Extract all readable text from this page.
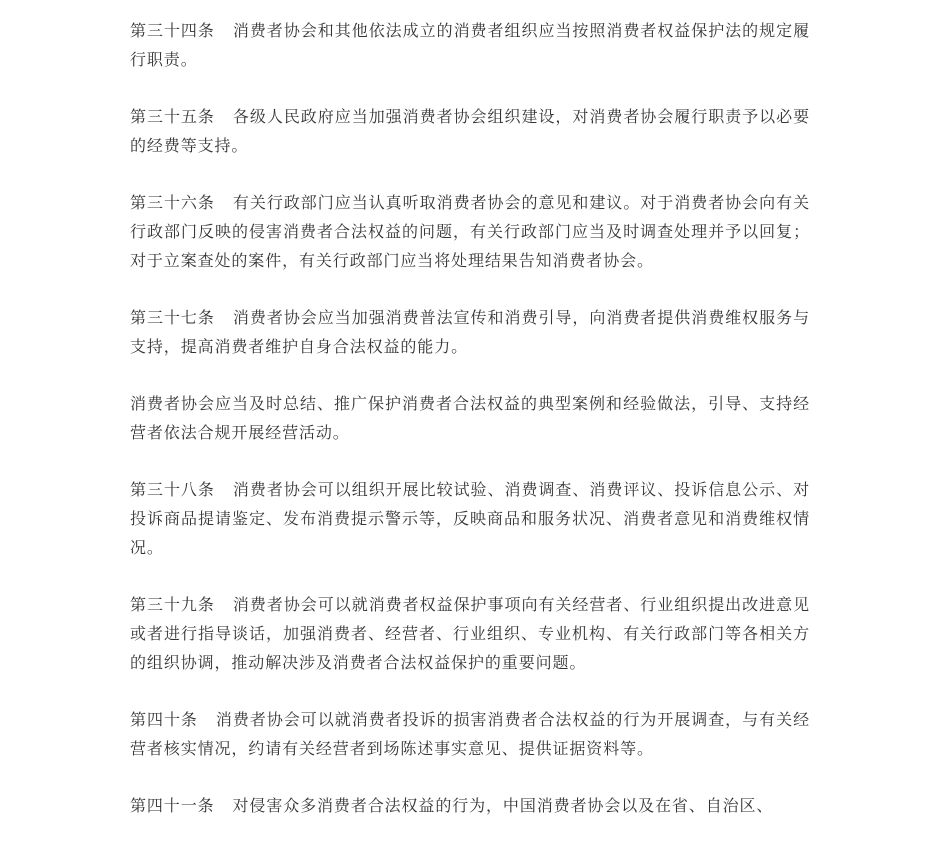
第三十四条 消费者协会和其他依法成立的消费者组织应当按照消费者权益保护法的规定履行职责。

第三十五条 各级人民政府应当加强消费者协会组织建设，对消费者协会履行职责予以必要的经费等支持。

第三十六条 有关行政部门应当认真听取消费者协会的意见和建议。对于消费者协会向有关行政部门反映的侵害消费者合法权益的问题，有关行政部门应当及时调查处理并予以回复；对于立案查处的案件，有关行政部门应当将处理结果告知消费者协会。

第三十七条 消费者协会应当加强消费普法宣传和消费引导，向消费者提供消费维权服务与支持，提高消费者维护自身合法权益的能力。

消费者协会应当及时总结、推广保护消费者合法权益的典型案例和经验做法，引导、支持经营者依法合规开展经营活动。

第三十八条 消费者协会可以组织开展比较试验、消费调查、消费评议、投诉信息公示、对投诉商品提请鉴定、发布消费提示警示等，反映商品和服务状况、消费者意见和消费维权情况。

第三十九条 消费者协会可以就消费者权益保护事项向有关经营者、行业组织提出改进意见或者进行指导谈话，加强消费者、经营者、行业组织、专业机构、有关行政部门等各相关方的组织协调，推动解决涉及消费者合法权益保护的重要问题。

第四十条 消费者协会可以就消费者投诉的损害消费者合法权益的行为开展调查，与有关经营者核实情况，约请有关经营者到场陈述事实意见、提供证据资料等。

第四十一条 对侵害众多消费者合法权益的行为，中国消费者协会以及在省、自治区、
